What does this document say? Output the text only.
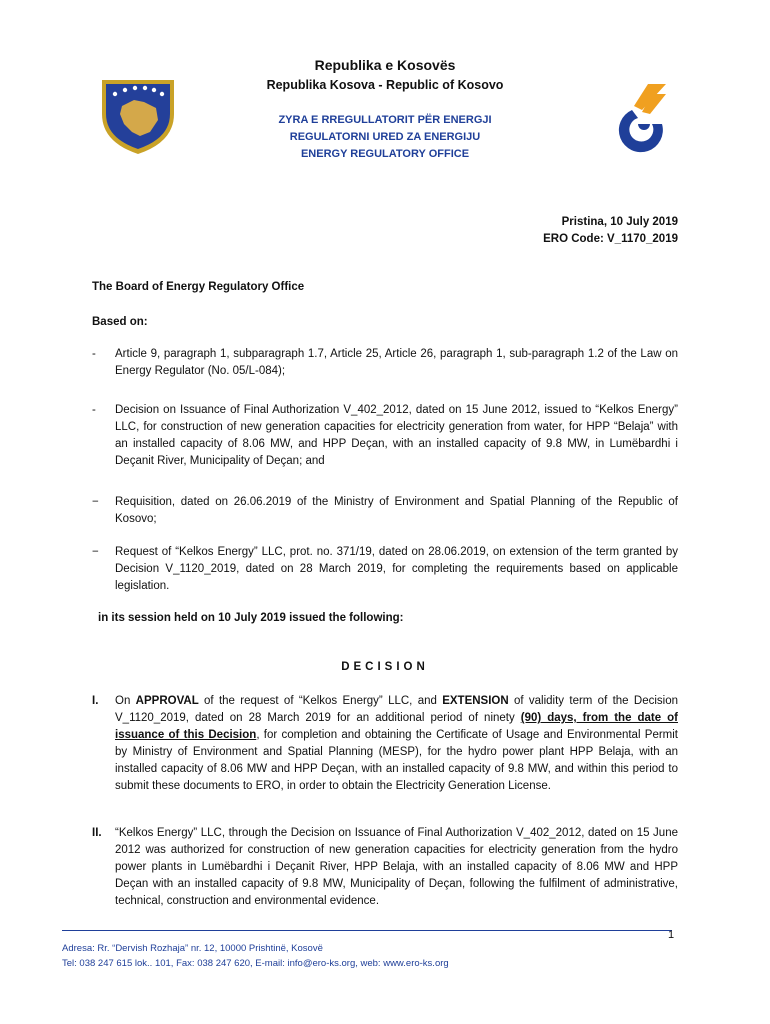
Republika e Kosovës
Republika Kosova - Republic of Kosovo
ZYRA E RREGULLATORIT PËR ENERGJI
REGULATORNI URED ZA ENERGIJU
ENERGY REGULATORY OFFICE
Pristina, 10 July 2019
ERO Code: V_1170_2019
The Board of Energy Regulatory Office
Based on:
- Article 9, paragraph 1, subparagraph 1.7, Article 25, Article 26, paragraph 1, sub-paragraph 1.2 of the Law on Energy Regulator (No. 05/L-084);
- Decision on Issuance of Final Authorization V_402_2012, dated on 15 June 2012, issued to “Kelkos Energy” LLC, for construction of new generation capacities for electricity generation from water, for HPP “Belaja” with an installed capacity of 8.06 MW, and HPP Deçan, with an installed capacity of 9.8 MW, in Lumëbardhi i Deçanit River, Municipality of Deçan; and
− Requisition, dated on 26.06.2019 of the Ministry of Environment and Spatial Planning of the Republic of Kosovo;
− Request of “Kelkos Energy” LLC, prot. no. 371/19, dated on 28.06.2019, on extension of the term granted by Decision V_1120_2019, dated on 28 March 2019, for completing the requirements based on applicable legislation.
in its session held on 10 July 2019 issued the following:
DECISION
I. On APPROVAL of the request of “Kelkos Energy” LLC, and EXTENSION of validity term of the Decision V_1120_2019, dated on 28 March 2019 for an additional period of ninety (90) days, from the date of issuance of this Decision, for completion and obtaining the Certificate of Usage and Environmental Permit by Ministry of Environment and Spatial Planning (MESP), for the hydro power plant HPP Belaja, with an installed capacity of 8.06 MW and HPP Deçan, with an installed capacity of 9.8 MW, and within this period to submit these documents to ERO, in order to obtain the Electricity Generation License.
II. “Kelkos Energy” LLC, through the Decision on Issuance of Final Authorization V_402_2012, dated on 15 June 2012 was authorized for construction of new generation capacities for electricity generation from the hydro power plants in Lumëbardhi i Deçanit River, HPP Belaja, with an installed capacity of 8.06 MW and HPP Deçan with an installed capacity of 9.8 MW, Municipality of Deçan, following the fulfilment of administrative, technical, construction and environmental evidence.
1
Adresa: Rr. “Dervish Rozhaja” nr. 12, 10000 Prishtinë, Kosovë
Tel: 038 247 615 lok.. 101, Fax: 038 247 620, E-mail: info@ero-ks.org, web: www.ero-ks.org
